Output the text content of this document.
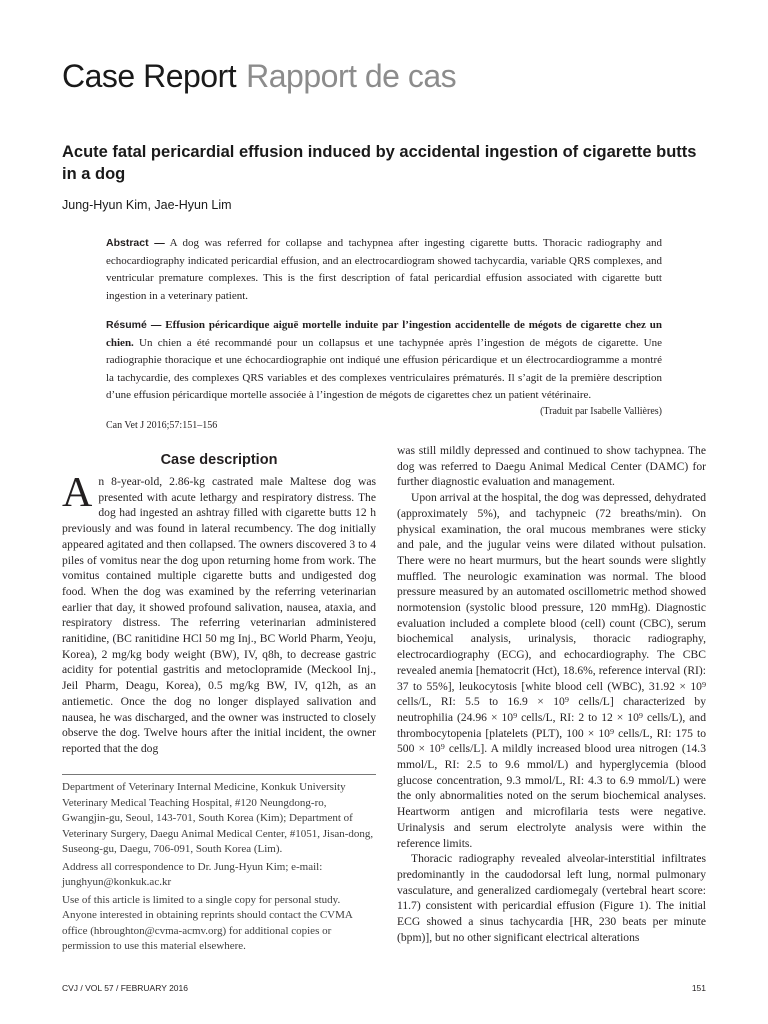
Case Report Rapport de cas
Acute fatal pericardial effusion induced by accidental ingestion of cigarette butts in a dog
Jung-Hyun Kim, Jae-Hyun Lim
Abstract — A dog was referred for collapse and tachypnea after ingesting cigarette butts. Thoracic radiography and echocardiography indicated pericardial effusion, and an electrocardiogram showed tachycardia, variable QRS complexes, and ventricular premature complexes. This is the first description of fatal pericardial effusion associated with cigarette butt ingestion in a veterinary patient.
Résumé — Effusion péricardique aiguë mortelle induite par l’ingestion accidentelle de mégots de cigarette chez un chien. Un chien a été recommandé pour un collapsus et une tachypnée après l’ingestion de mégots de cigarette. Une radiographie thoracique et une échocardiographie ont indiqué une effusion péricardique et un électrocardiogramme a montré la tachycardie, des complexes QRS variables et des complexes ventriculaires prématurés. Il s’agit de la première description d’une effusion péricardique mortelle associée à l’ingestion de mégots de cigarettes chez un patient vétérinaire.
(Traduit par Isabelle Vallières)
Can Vet J 2016;57:151–156
Case description

An 8-year-old, 2.86-kg castrated male Maltese dog was presented with acute lethargy and respiratory distress. The dog had ingested an ashtray filled with cigarette butts 12 h previously and was found in lateral recumbency. The dog initially appeared agitated and then collapsed. The owners discovered 3 to 4 piles of vomitus near the dog upon returning home from work. The vomitus contained multiple cigarette butts and undigested dog food. When the dog was examined by the referring veterinarian earlier that day, it showed profound salivation, nausea, ataxia, and respiratory distress. The referring veterinarian administered ranitidine, (BC ranitidine HCl 50 mg Inj., BC World Pharm, Yeoju, Korea), 2 mg/kg body weight (BW), IV, q8h, to decrease gastric acidity for potential gastritis and metoclopramide (Meckool Inj., Jeil Pharm, Deagu, Korea), 0.5 mg/kg BW, IV, q12h, as an antiemetic. Once the dog no longer displayed salivation and nausea, he was discharged, and the owner was instructed to closely observe the dog. Twelve hours after the initial incident, the owner reported that the dog

Department of Veterinary Internal Medicine, Konkuk University Veterinary Medical Teaching Hospital, #120 Neungdong-ro, Gwangjin-gu, Seoul, 143-701, South Korea (Kim); Department of Veterinary Surgery, Daegu Animal Medical Center, #1051, Jisan-dong, Suseong-gu, Daegu, 706-091, South Korea (Lim).

Address all correspondence to Dr. Jung-Hyun Kim; e-mail: junghyun@konkuk.ac.kr

Use of this article is limited to a single copy for personal study. Anyone interested in obtaining reprints should contact the CVMA office (hbroughton@cvma-acmv.org) for additional copies or permission to use this material elsewhere.

was still mildly depressed and continued to show tachypnea. The dog was referred to Daegu Animal Medical Center (DAMC) for further diagnostic evaluation and management.

Upon arrival at the hospital, the dog was depressed, dehydrated (approximately 5%), and tachypneic (72 breaths/min). On physical examination, the oral mucous membranes were sticky and pale, and the jugular veins were dilated without pulsation. There were no heart murmurs, but the heart sounds were slightly muffled. The neurologic examination was normal. The blood pressure measured by an automated oscillometric method showed normotension (systolic blood pressure, 120 mmHg). Diagnostic evaluation included a complete blood (cell) count (CBC), serum biochemical analysis, urinalysis, thoracic radiography, electrocardiography (ECG), and echocardiography. The CBC revealed anemia [hematocrit (Hct), 18.6%, reference interval (RI): 37 to 55%], leukocytosis [white blood cell (WBC), 31.92 × 10⁹ cells/L, RI: 5.5 to 16.9 × 10⁹ cells/L] characterized by neutrophilia (24.96 × 10⁹ cells/L, RI: 2 to 12 × 10⁹ cells/L), and thrombocytopenia [platelets (PLT), 100 × 10⁹ cells/L, RI: 175 to 500 × 10⁹ cells/L]. A mildly increased blood urea nitrogen (14.3 mmol/L, RI: 2.5 to 9.6 mmol/L) and hyperglycemia (blood glucose concentration, 9.3 mmol/L, RI: 4.3 to 6.9 mmol/L) were the only abnormalities noted on the serum biochemical analyses. Heartworm antigen and microfilaria tests were negative. Urinalysis and serum electrolyte analysis were within the reference limits.

Thoracic radiography revealed alveolar-interstitial infiltrates predominantly in the caudodorsal left lung, normal pulmonary vasculature, and generalized cardiomegaly (vertebral heart score: 11.7) consistent with pericardial effusion (Figure 1). The initial ECG showed a sinus tachycardia [HR, 230 beats per minute (bpm)], but no other significant electrical alterations

CVJ / VOL 57 / FEBRUARY 2016	151
